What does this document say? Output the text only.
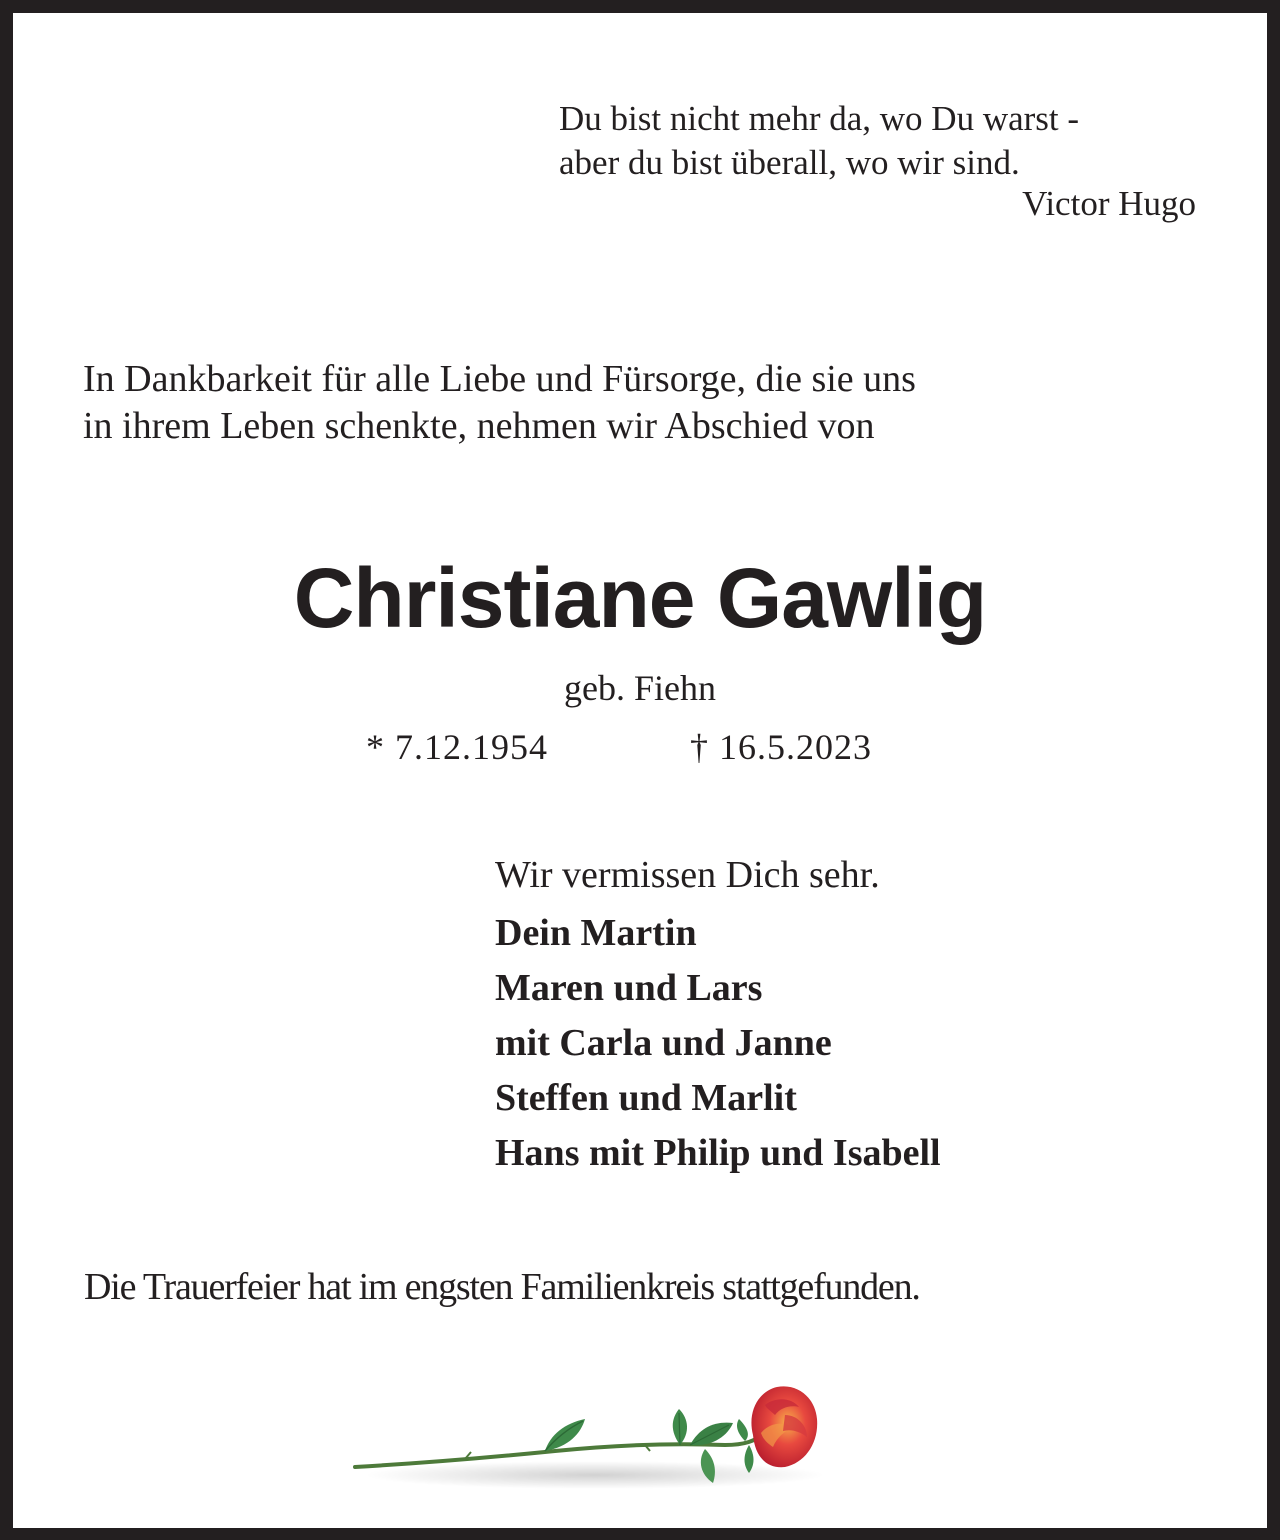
Du bist nicht mehr da, wo Du warst -
aber du bist überall, wo wir sind.
Victor Hugo
In Dankbarkeit für alle Liebe und Fürsorge, die sie uns
in ihrem Leben schenkte, nehmen wir Abschied von
Christiane Gawlig
geb. Fiehn
* 7.12.1954	† 16.5.2023
Wir vermissen Dich sehr.
Dein Martin
Maren und Lars
mit Carla und Janne
Steffen und Marlit
Hans mit Philip und Isabell
Die Trauerfeier hat im engsten Familienkreis stattgefunden.
